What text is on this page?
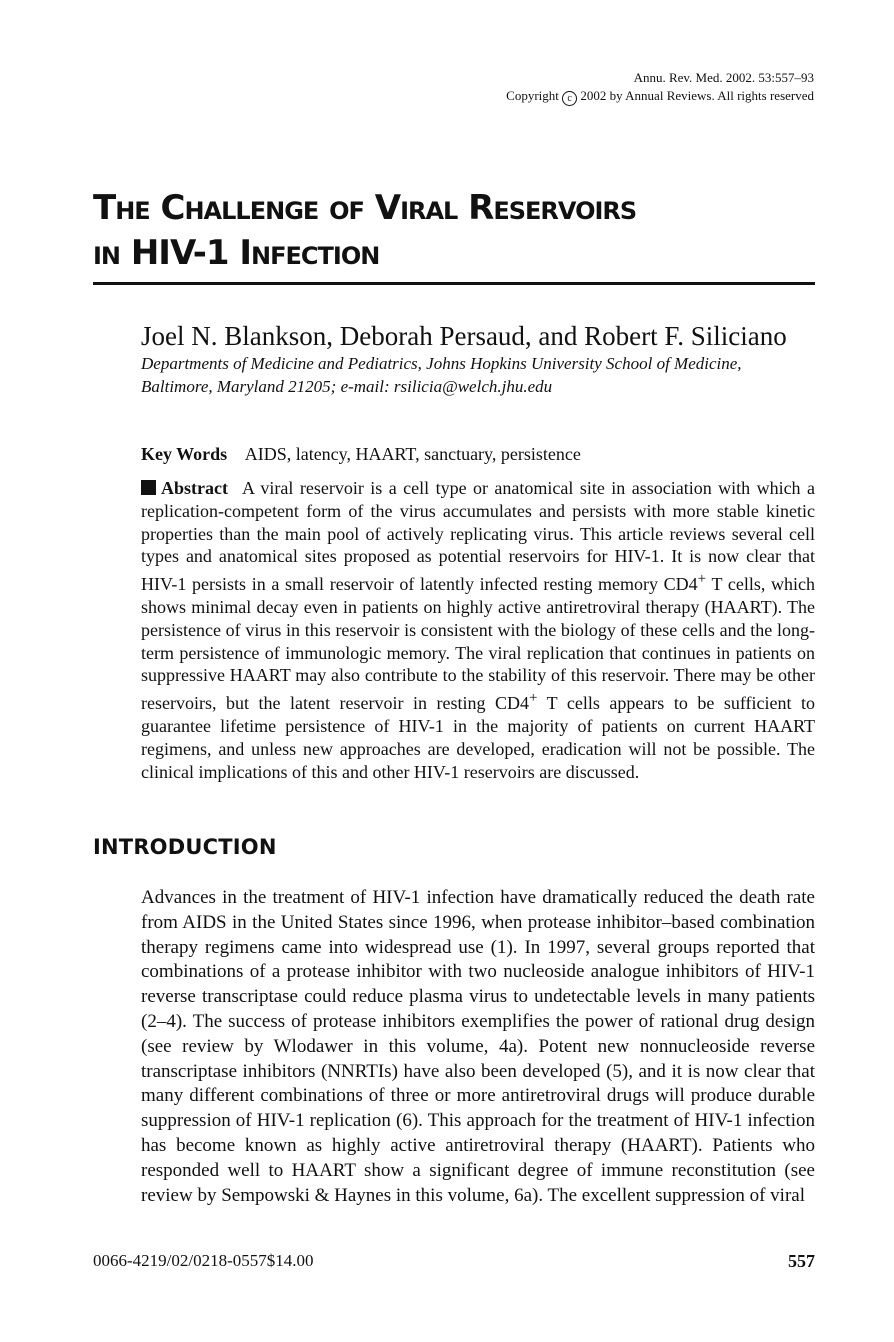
Annu. Rev. Med. 2002. 53:557–93
Copyright c 2002 by Annual Reviews. All rights reserved
The Challenge of Viral Reservoirs
in HIV-1 Infection
Joel N. Blankson, Deborah Persaud, and Robert F. Siliciano
Departments of Medicine and Pediatrics, Johns Hopkins University School of Medicine,
Baltimore, Maryland 21205; e-mail: rsilicia@welch.jhu.edu
Key Words AIDS, latency, HAART, sanctuary, persistence

Abstract A viral reservoir is a cell type or anatomical site in association with which a replication-competent form of the virus accumulates and persists with more stable kinetic properties than the main pool of actively replicating virus. This article reviews several cell types and anatomical sites proposed as potential reservoirs for HIV-1. It is now clear that HIV-1 persists in a small reservoir of latently infected resting memory CD4+ T cells, which shows minimal decay even in patients on highly active antiretroviral therapy (HAART). The persistence of virus in this reservoir is consistent with the biology of these cells and the long-term persistence of immunologic memory. The viral replication that continues in patients on suppressive HAART may also contribute to the stability of this reservoir. There may be other reservoirs, but the latent reservoir in resting CD4+ T cells appears to be sufficient to guarantee lifetime persistence of HIV-1 in the majority of patients on current HAART regimens, and unless new approaches are developed, eradication will not be possible. The clinical implications of this and other HIV-1 reservoirs are discussed.

INTRODUCTION

Advances in the treatment of HIV-1 infection have dramatically reduced the death rate from AIDS in the United States since 1996, when protease inhibitor–based combination therapy regimens came into widespread use (1). In 1997, several groups reported that combinations of a protease inhibitor with two nucleoside analogue inhibitors of HIV-1 reverse transcriptase could reduce plasma virus to undetectable levels in many patients (2–4). The success of protease inhibitors exemplifies the power of rational drug design (see review by Wlodawer in this volume, 4a). Potent new nonnucleoside reverse transcriptase inhibitors (NNRTIs) have also been developed (5), and it is now clear that many different combinations of three or more antiretroviral drugs will produce durable suppression of HIV-1 replication (6). This approach for the treatment of HIV-1 infection has become known as highly active antiretroviral therapy (HAART). Patients who responded well to HAART show a significant degree of immune reconstitution (see review by Sempowski & Haynes in this volume, 6a). The excellent suppression of viral

0066-4219/02/0218-0557$14.00	557
